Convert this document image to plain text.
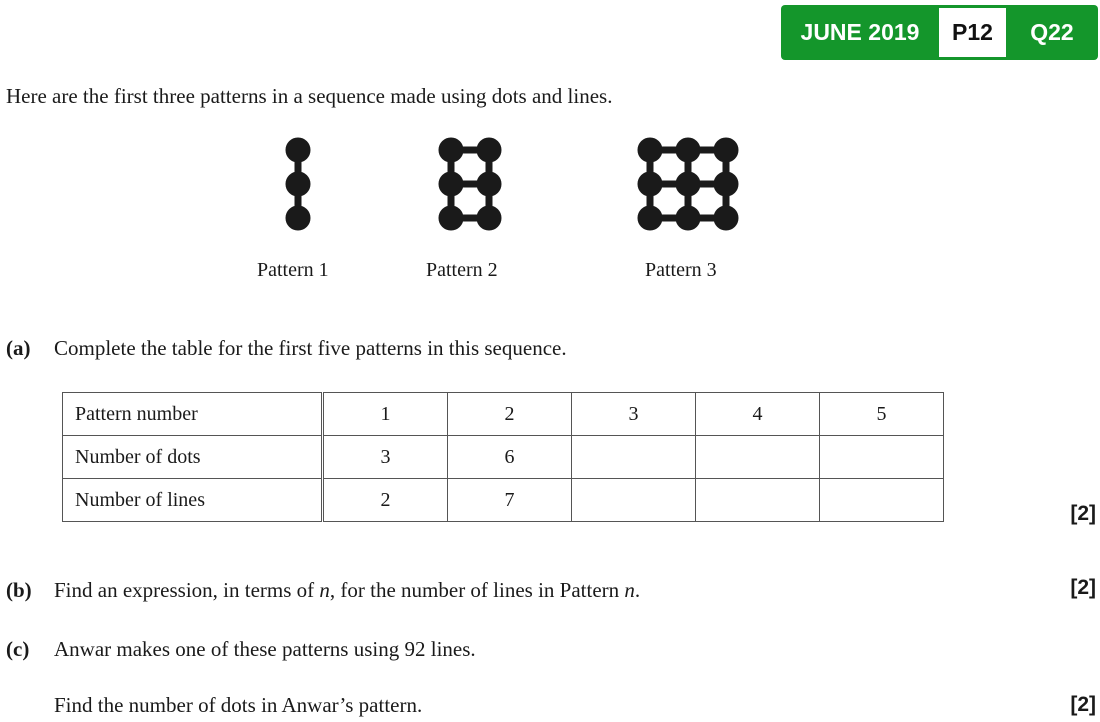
JUNE 2019	P12	Q22
Here are the first three patterns in a sequence made using dots and lines.
Pattern 1	Pattern 2	Pattern 3
(a) Complete the table for the first five patterns in this sequence.
Pattern number	1	2	3	4	5
Number of dots	3	6			
Number of lines	2	7			
[2]
(b) Find an expression, in terms of n, for the number of lines in Pattern n.	[2]
(c) Anwar makes one of these patterns using 92 lines.
Find the number of dots in Anwar’s pattern.	[2]
